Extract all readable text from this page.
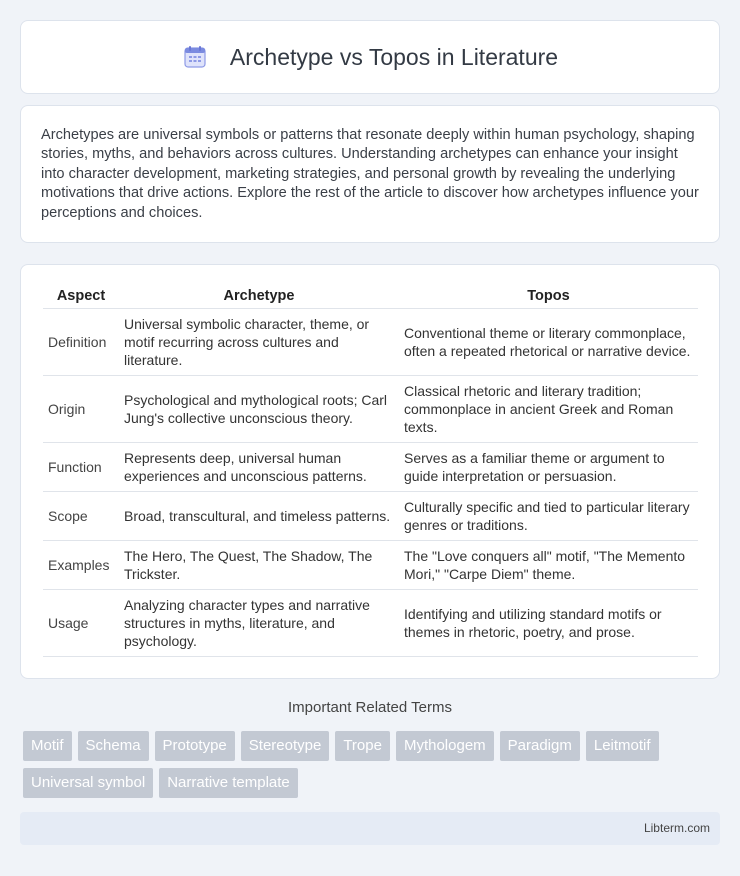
Archetype vs Topos in Literature

Archetypes are universal symbols or patterns that resonate deeply within human psychology, shaping stories, myths, and behaviors across cultures. Understanding archetypes can enhance your insight into character development, marketing strategies, and personal growth by revealing the underlying motivations that drive actions. Explore the rest of the article to discover how archetypes influence your perceptions and choices.

Aspect	Archetype	Topos
Definition	Universal symbolic character, theme, or motif recurring across cultures and literature.	Conventional theme or literary commonplace, often a repeated rhetorical or narrative device.
Origin	Psychological and mythological roots; Carl Jung's collective unconscious theory.	Classical rhetoric and literary tradition; commonplace in ancient Greek and Roman texts.
Function	Represents deep, universal human experiences and unconscious patterns.	Serves as a familiar theme or argument to guide interpretation or persuasion.
Scope	Broad, transcultural, and timeless patterns.	Culturally specific and tied to particular literary genres or traditions.
Examples	The Hero, The Quest, The Shadow, The Trickster.	The "Love conquers all" motif, "The Memento Mori," "Carpe Diem" theme.
Usage	Analyzing character types and narrative structures in myths, literature, and psychology.	Identifying and utilizing standard motifs or themes in rhetoric, poetry, and prose.
Important Related Terms
Motif	Schema	Prototype	Stereotype	Trope	Mythologem	Paradigm	Leitmotif
Universal symbol	Narrative template
Libterm.com
